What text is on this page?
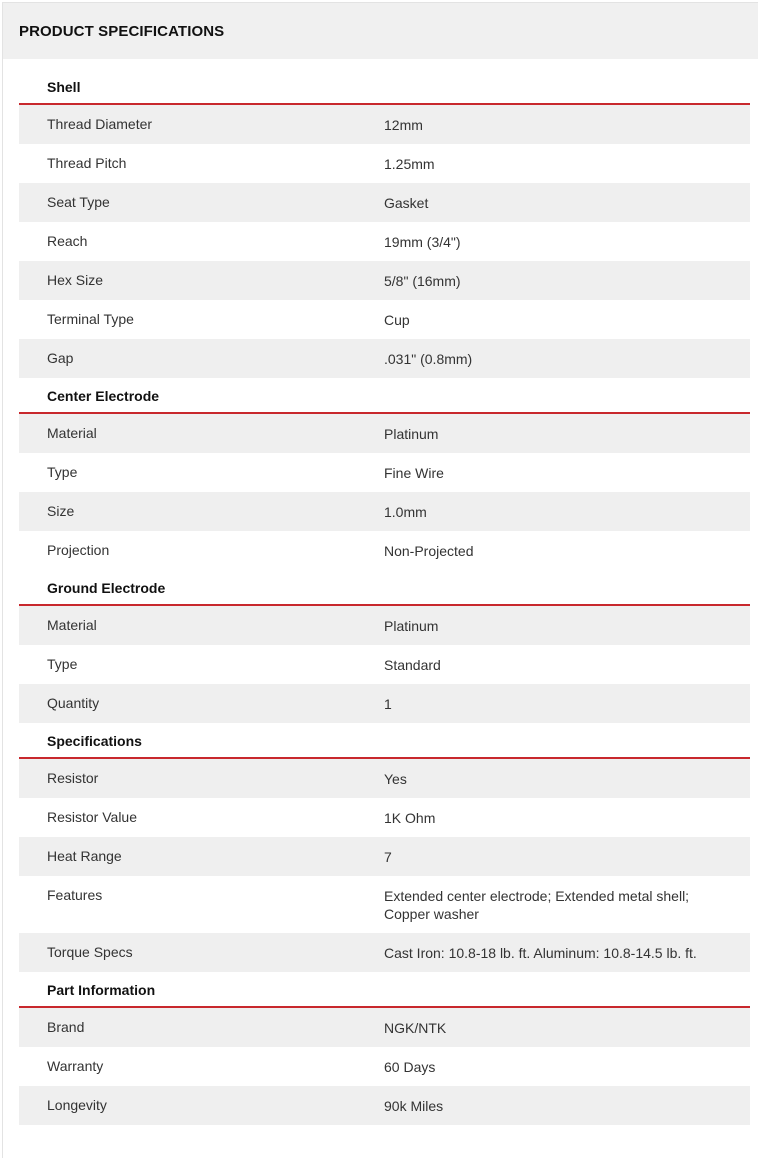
PRODUCT SPECIFICATIONS
Shell
Thread Diameter	12mm
Thread Pitch	1.25mm
Seat Type	Gasket
Reach	19mm (3/4")
Hex Size	5/8" (16mm)
Terminal Type	Cup
Gap	.031" (0.8mm)
Center Electrode
Material	Platinum
Type	Fine Wire
Size	1.0mm
Projection	Non-Projected
Ground Electrode
Material	Platinum
Type	Standard
Quantity	1
Specifications
Resistor	Yes
Resistor Value	1K Ohm
Heat Range	7
Features	Extended center electrode; Extended metal shell; Copper washer
Torque Specs	Cast Iron: 10.8-18 lb. ft. Aluminum: 10.8-14.5 lb. ft.
Part Information
Brand	NGK/NTK
Warranty	60 Days
Longevity	90k Miles
